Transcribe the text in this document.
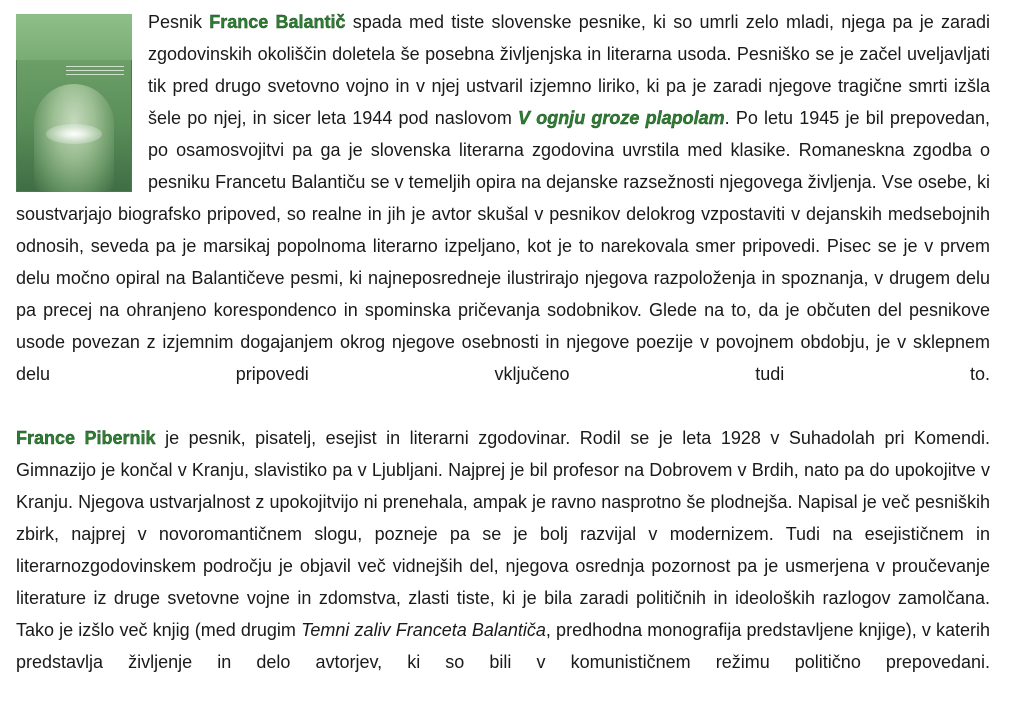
Pesnik France Balantič spada med tiste slovenske pesnike, ki so umrli zelo mladi, njega pa je zaradi zgodovinskih okoliščin doletela še posebna življenjska in literarna usoda. Pesniško se je začel uveljavljati tik pred drugo svetovno vojno in v njej ustvaril izjemno liriko, ki pa je zaradi njegove tragične smrti izšla šele po njej, in sicer leta 1944 pod naslovom V ognju groze plapolam. Po letu 1945 je bil prepovedan, po osamosvojitvi pa ga je slovenska literarna zgodovina uvrstila med klasike. Romaneskna zgodba o pesniku Francetu Balantiču se v temeljih opira na dejanske razsežnosti njegovega življenja. Vse osebe, ki soustvarjajo biografsko pripoved, so realne in jih je avtor skušal v pesnikov delokrog vzpostaviti v dejanskih medsebojnih odnosih, seveda pa je marsikaj popolnoma literarno izpeljano, kot je to narekovala smer pripovedi. Pisec se je v prvem delu močno opiral na Balantičeve pesmi, ki najneposredneje ilustrirajo njegova razpoloženja in spoznanja, v drugem delu pa precej na ohranjeno korespondenco in spominska pričevanja sodobnikov. Glede na to, da je občuten del pesnikove usode povezan z izjemnim dogajanjem okrog njegove osebnosti in njegove poezije v povojnem obdobju, je v sklepnem delu pripovedi vključeno tudi to.

France Pibernik je pesnik, pisatelj, esejist in literarni zgodovinar. Rodil se je leta 1928 v Suhadolah pri Komendi. Gimnazijo je končal v Kranju, slavistiko pa v Ljubljani. Najprej je bil profesor na Dobrovem v Brdih, nato pa do upokojitve v Kranju. Njegova ustvarjalnost z upokojitvijo ni prenehala, ampak je ravno nasprotno še plodnejša. Napisal je več pesniških zbirk, najprej v novoromantičnem slogu, pozneje pa se je bolj razvijal v modernizem. Tudi na esejističnem in literarnozgodovinskem področju je objavil več vidnejših del, njegova osrednja pozornost pa je usmerjena v proučevanje literature iz druge svetovne vojne in zdomstva, zlasti tiste, ki je bila zaradi političnih in ideoloških razlogov zamolčana. Tako je izšlo več knjig (med drugim Temni zaliv Franceta Balantiča, predhodna monografija predstavljene knjige), v katerih predstavlja življenje in delo avtorjev, ki so bili v komunističnem režimu politično prepovedani.
